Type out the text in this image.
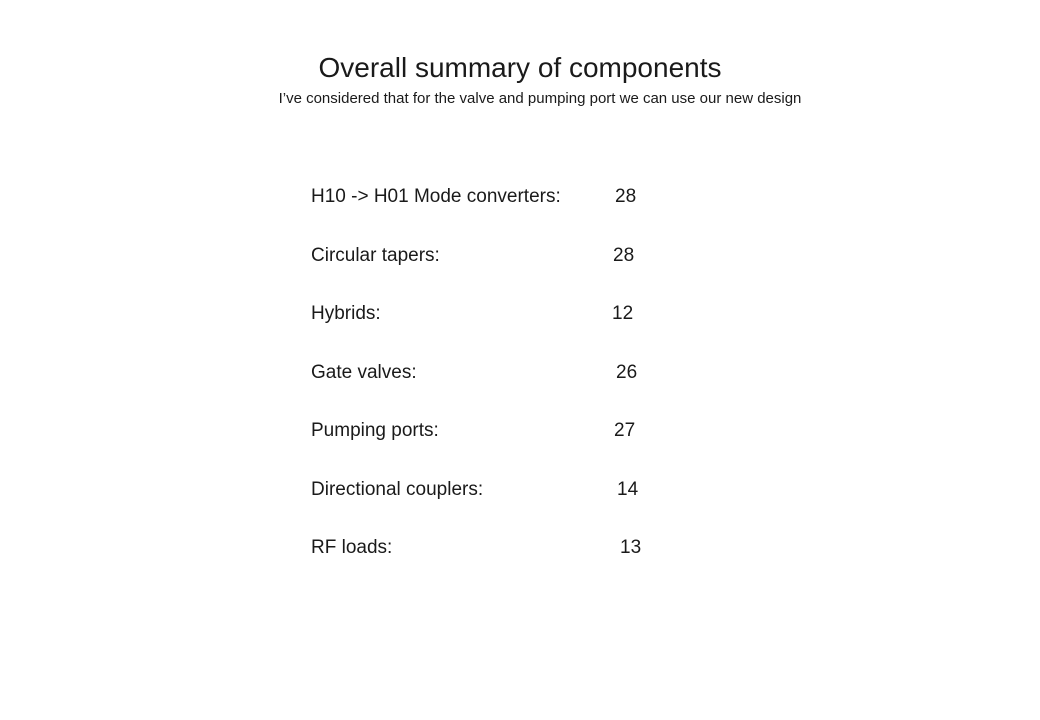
Overall summary of components

I’ve considered that for the valve and pumping port we can use our new design

H10 -> H01 Mode converters:	28
Circular tapers:	28
Hybrids:	12
Gate valves:	26
Pumping ports:	27
Directional couplers:	14
RF loads:	13
